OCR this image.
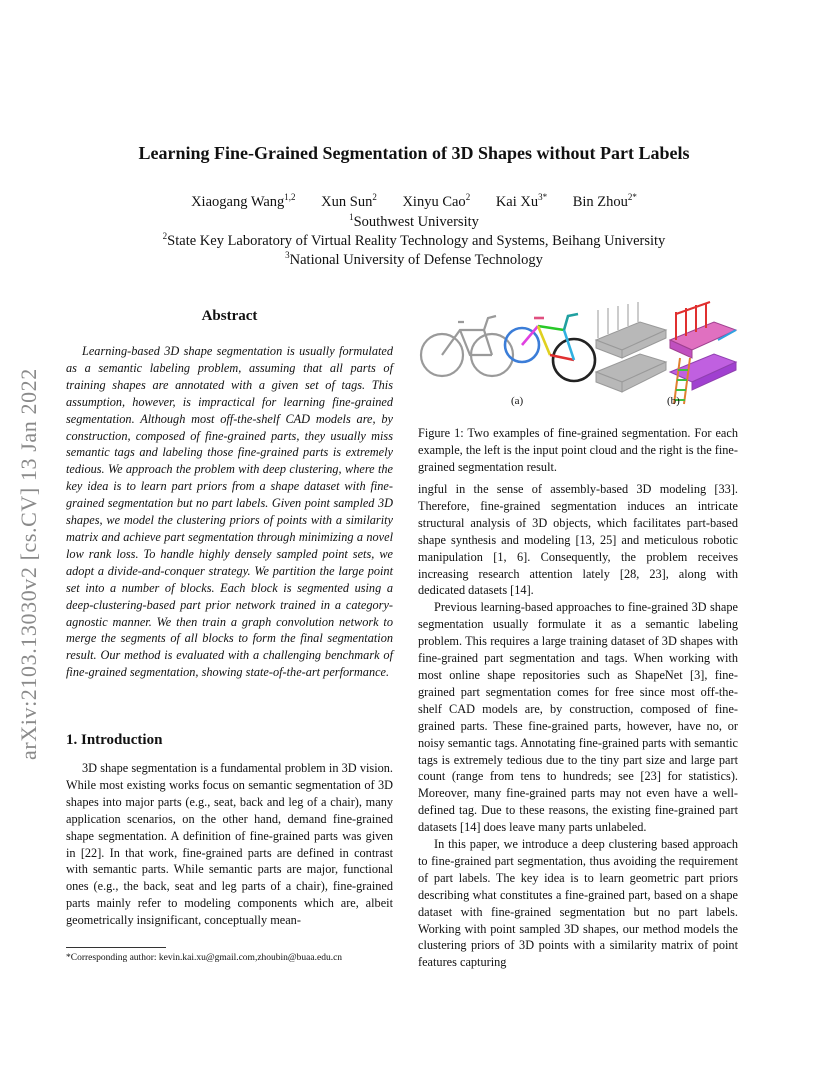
arXiv:2103.13030v2 [cs.CV] 13 Jan 2022
Learning Fine-Grained Segmentation of 3D Shapes without Part Labels
Xiaogang Wang$^{1,2}$ Xun Sun$^2$ Xinyu Cao$^2$ Kai $Xu^{3*}$ Bin Zhou$^{2*}$
$^1$Southwest University
$^2$State Key Laboratory of Virtual Reality Technology and Systems, Beihang University
$^3$National University of Defense Technology
Abstract
Learning-based 3D shape segmentation is usually formulated as a semantic labeling problem, assuming that all parts of training shapes are annotated with a given set of tags. This assumption, however, is impractical for learning fine-grained segmentation. Although most off-the-shelf CAD models are, by construction, composed of fine-grained parts, they usually miss semantic tags and labeling those fine-grained parts is extremely tedious. We approach the problem with deep clustering, where the key idea is to learn part priors from a shape dataset with fine-grained segmentation but no part labels. Given point sampled 3D shapes, we model the clustering priors of points with a similarity matrix and achieve part segmentation through minimizing a novel low rank loss. To handle highly densely sampled point sets, we adopt a divide-and-conquer strategy. We partition the large point set into a number of blocks. Each block is segmented using a deep-clustering-based part prior network trained in a category-agnostic manner. We then train a graph convolution network to merge the segments of all blocks to form the final segmentation result. Our method is evaluated with a challenging benchmark of fine-grained segmentation, showing state-of-the-art performance.
1. Introduction
3D shape segmentation is a fundamental problem in 3D vision. While most existing works focus on semantic segmentation of 3D shapes into major parts (e.g., seat, back and leg of a chair), many application scenarios, on the other hand, demand fine-grained shape segmentation. A definition of fine-grained parts was given in [22]. In that work, fine-grained parts are defined in contrast with semantic parts. While semantic parts are major, functional ones (e.g., the back, seat and leg parts of a chair), fine-grained parts mainly refer to modeling components which are, albeit geometrically insignificant, conceptually mean-
*Corresponding author: kevin.kai.xu@gmail.com,zhoubin@buaa.edu.cn
(a)	(b)
Figure 1: Two examples of fine-grained segmentation. For each example, the left is the input point cloud and the right is the fine-grained segmentation result.

ingful in the sense of assembly-based 3D modeling [33]. Therefore, fine-grained segmentation induces an intricate structural analysis of 3D objects, which facilitates part-based shape synthesis and modeling [13, 25] and meticulous robotic manipulation [1, 6]. Consequently, the problem receives increasing research attention lately [28, 23], along with dedicated datasets [14].

Previous learning-based approaches to fine-grained 3D shape segmentation usually formulate it as a semantic labeling problem. This requires a large training dataset of 3D shapes with fine-grained part segmentation and tags. When working with most online shape repositories such as ShapeNet [3], fine-grained part segmentation comes for free since most off-the-shelf CAD models are, by construction, composed of fine-grained parts. These fine-grained parts, however, have no, or noisy semantic tags. Annotating fine-grained parts with semantic tags is extremely tedious due to the tiny part size and large part count (range from tens to hundreds; see [23] for statistics). Moreover, many fine-grained parts may not even have a well-defined tag. Due to these reasons, the existing fine-grained part datasets [14] does leave many parts unlabeled.

In this paper, we introduce a deep clustering based approach to fine-grained part segmentation, thus avoiding the requirement of part labels. The key idea is to learn geometric part priors describing what constitutes a fine-grained part, based on a shape dataset with fine-grained segmentation but no part labels. Working with point sampled 3D shapes, our method models the clustering priors of 3D points with a similarity matrix of point features capturing
